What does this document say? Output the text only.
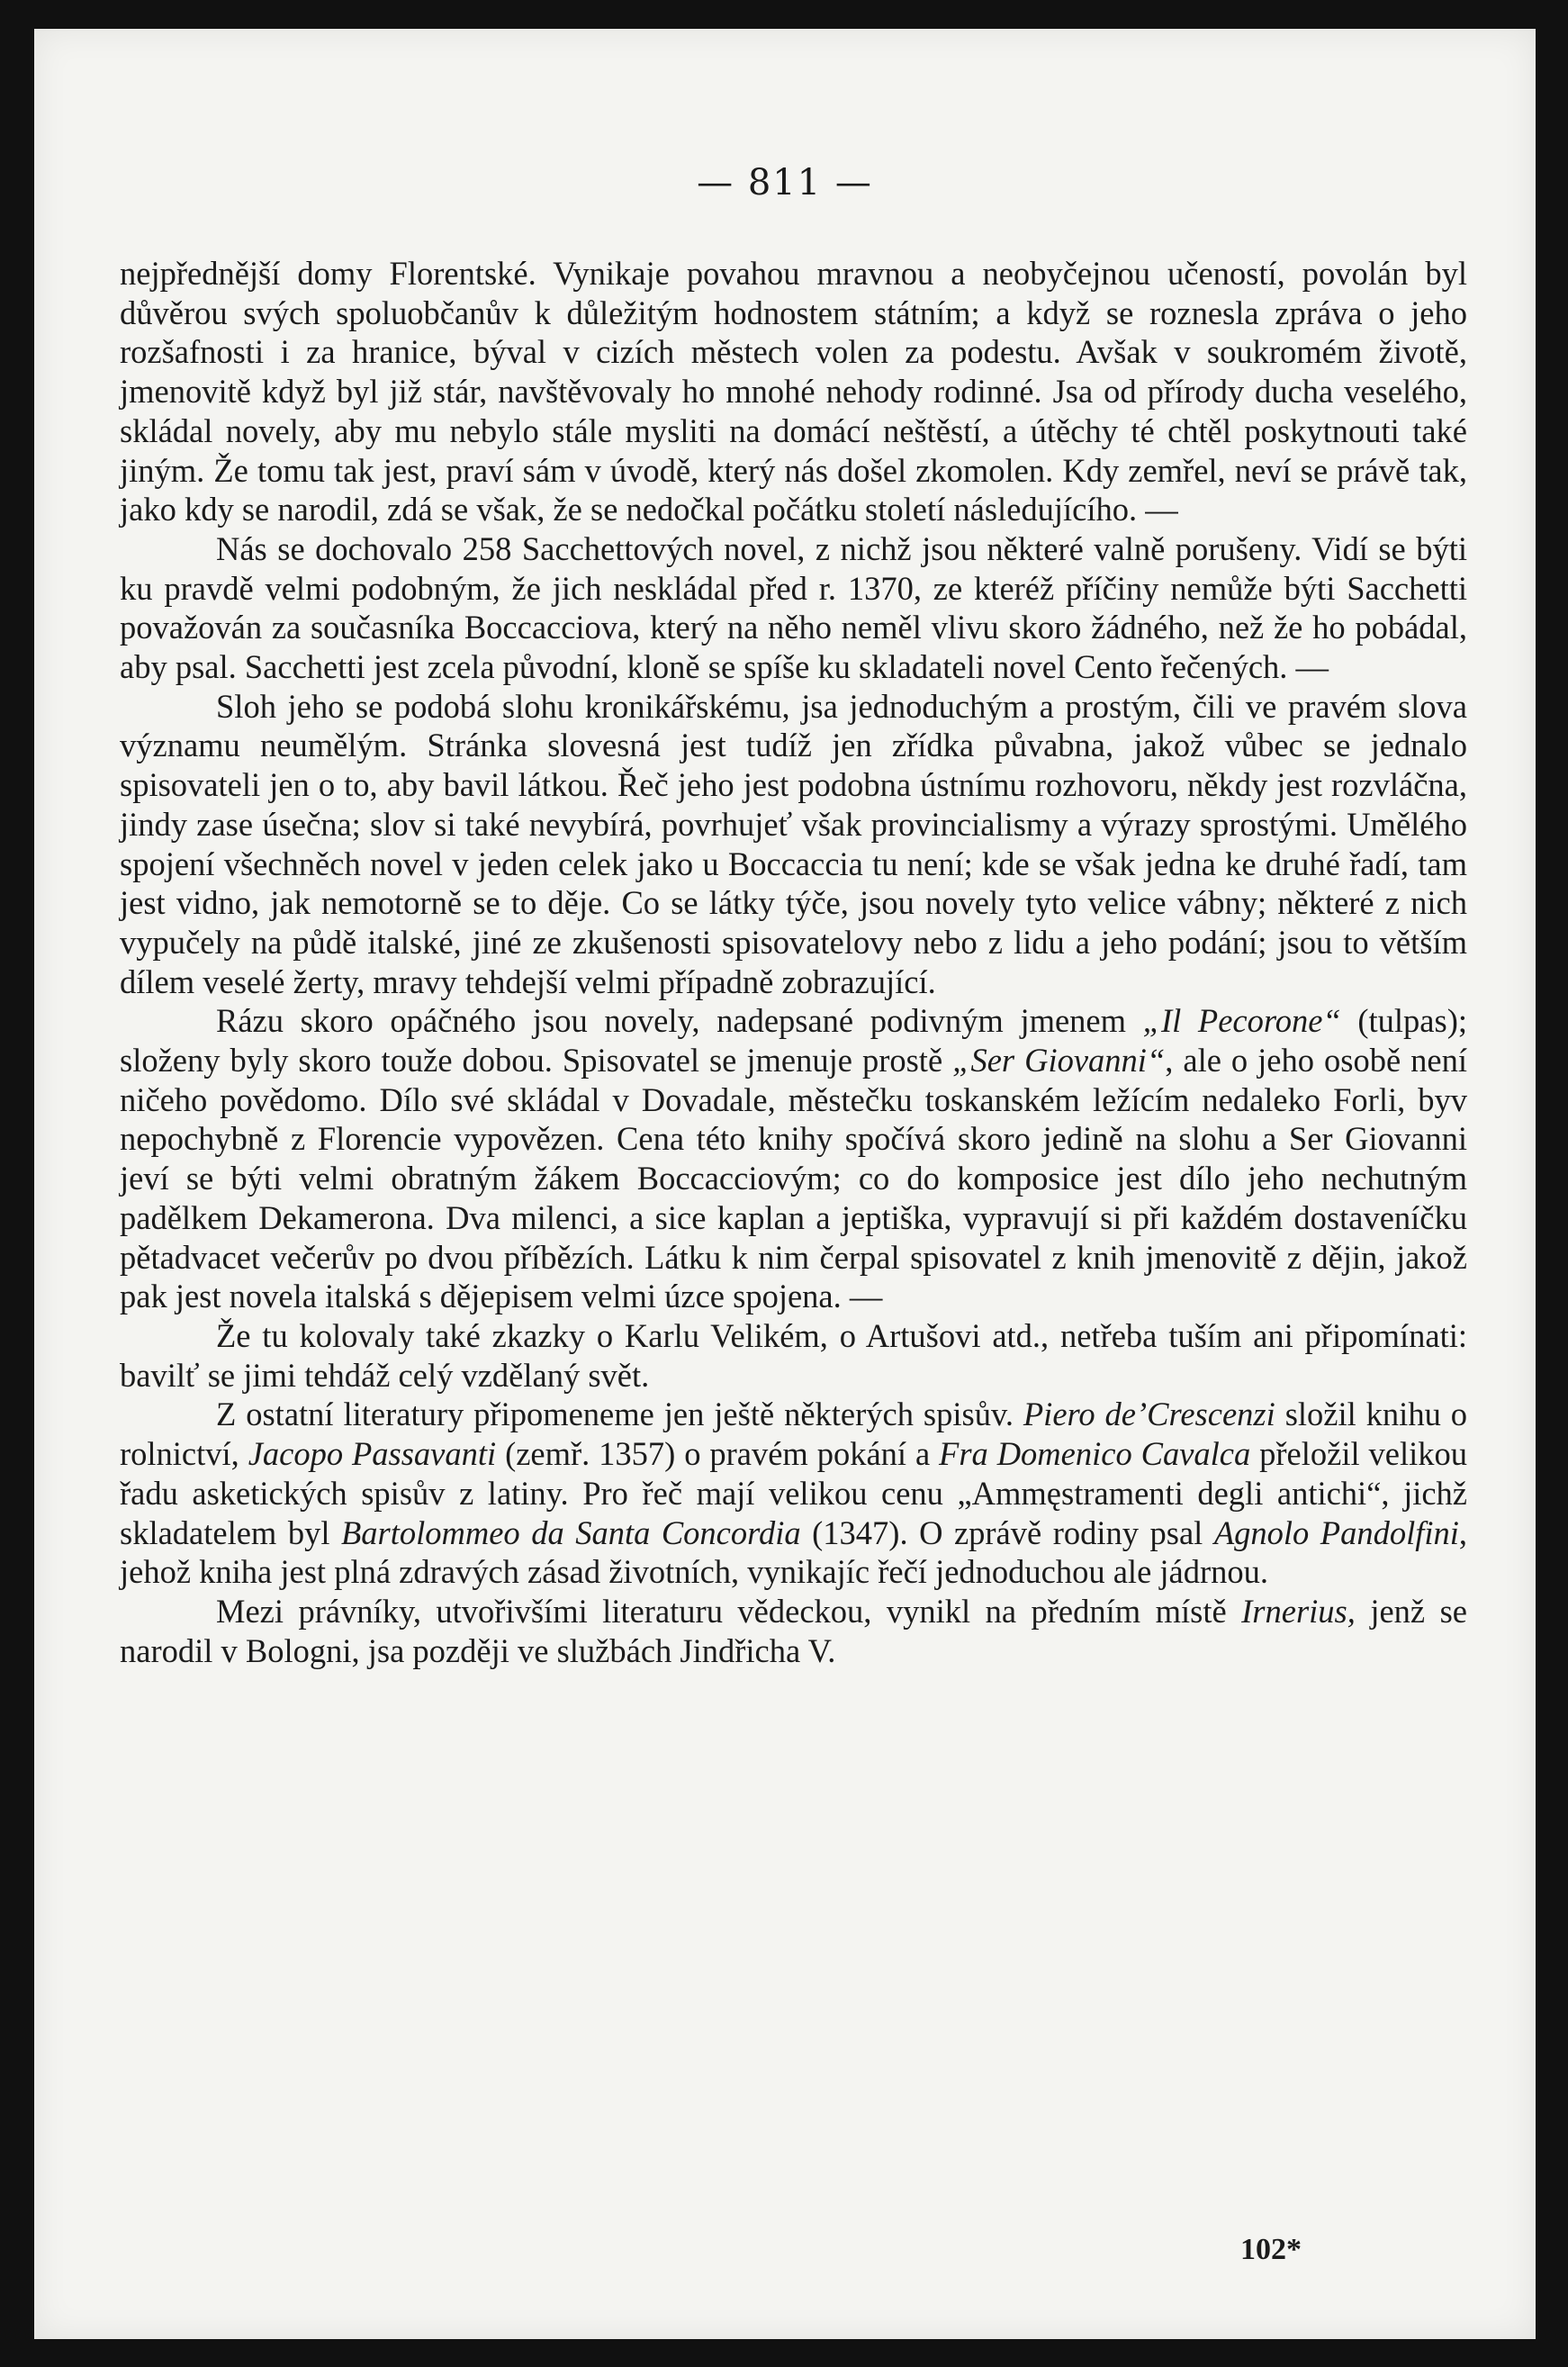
— 811 —

nejpřednější domy Florentské. Vynikaje povahou mravnou a neobyčejnou učeností, povolán byl důvěrou svých spoluobčanův k důležitým hodnostem státním; a když se roznesla zpráva o jeho rozšafnosti i za hranice, býval v cizích městech volen za podestu. Avšak v soukromém životě, jmenovitě když byl již stár, navštěvovaly ho mnohé nehody rodinné. Jsa od přírody ducha veselého, skládal novely, aby mu nebylo stále mysliti na domácí neštěstí, a útěchy té chtěl poskytnouti také jiným. Že tomu tak jest, praví sám v úvodě, který nás došel zkomolen. Kdy zemřel, neví se právě tak, jako kdy se narodil, zdá se však, že se nedočkal počátku století následujícího. —

Nás se dochovalo 258 Sacchettových novel, z nichž jsou některé valně porušeny. Vidí se býti ku pravdě velmi podobným, že jich neskládal před r. 1370, ze kteréž příčiny nemůže býti Sacchetti považován za současníka Boccacciova, který na něho neměl vlivu skoro žádného, než že ho pobádal, aby psal. Sacchetti jest zcela původní, kloně se spíše ku skladateli novel Cento řečených. —

Sloh jeho se podobá slohu kronikářskému, jsa jednoduchým a prostým, čili ve pravém slova významu neumělým. Stránka slovesná jest tudíž jen zřídka půvabna, jakož vůbec se jednalo spisovateli jen o to, aby bavil látkou. Řeč jeho jest podobna ústnímu rozhovoru, někdy jest rozvláčna, jindy zase úsečna; slov si také nevybírá, povrhujeť však provincialismy a výrazy sprostými. Umělého spojení všechněch novel v jeden celek jako u Boccaccia tu není; kde se však jedna ke druhé řadí, tam jest vidno, jak nemotorně se to děje. Co se látky týče, jsou novely tyto velice vábny; některé z nich vypučely na půdě italské, jiné ze zkušenosti spisovatelovy nebo z lidu a jeho podání; jsou to větším dílem veselé žerty, mravy tehdejší velmi případně zobrazující.

Rázu skoro opáčného jsou novely, nadepsané podivným jmenem „Il Pecorone“ (tulpas); složeny byly skoro touže dobou. Spisovatel se jmenuje prostě „Ser Giovanni“, ale o jeho osobě není ničeho povědomo. Dílo své skládal v Dovadale, městečku toskanském ležícím nedaleko Forli, byv nepochybně z Florencie vypovězen. Cena této knihy spočívá skoro jedině na slohu a Ser Giovanni jeví se býti velmi obratným žákem Boccacciovým; co do komposice jest dílo jeho nechutným padělkem Dekamerona. Dva milenci, a sice kaplan a jeptiška, vypravují si při každém dostaveníčku pětadvacet večerův po dvou příbězích. Látku k nim čerpal spisovatel z knih jmenovitě z dějin, jakož pak jest novela italská s dějepisem velmi úzce spojena. —

Že tu kolovaly také zkazky o Karlu Velikém, o Artušovi atd., netřeba tuším ani připomínati: bavilť se jimi tehdáž celý vzdělaný svět.

Z ostatní literatury připomeneme jen ještě některých spisův. Piero de’Crescenzi složil knihu o rolnictví, Jacopo Passavanti (zemř. 1357) o pravém pokání a Fra Domenico Cavalca přeložil velikou řadu asketických spisův z latiny. Pro řeč mají velikou cenu „Ammęstramenti degli antichi“, jichž skladatelem byl Bartolommeo da Santa Concordia (1347). O zprávě rodiny psal Agnolo Pandolfini, jehož kniha jest plná zdravých zásad životních, vynikajíc řečí jednoduchou ale jádrnou.

Mezi právníky, utvořivšími literaturu vědeckou, vynikl na předním místě Irnerius, jenž se narodil v Bologni, jsa později ve službách Jindřicha V.

102*
